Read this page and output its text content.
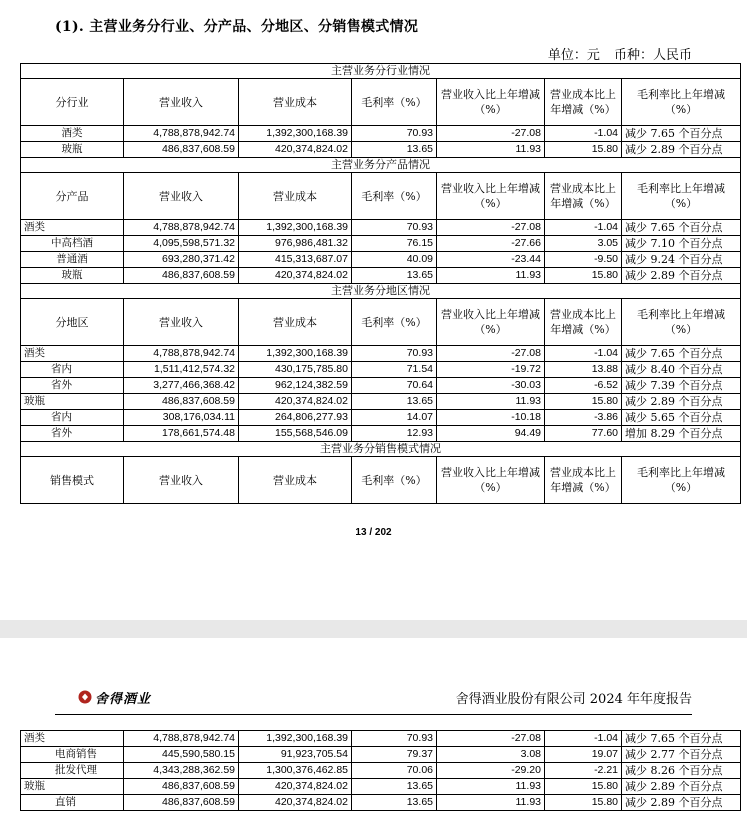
(1). 主营业务分行业、分产品、分地区、分销售模式情况
单位：元 币种：人民币
主营业务分行业情况						
分行业	营业收入	营业成本	毛利率（%）	营业收入比上年增减（%）	营业成本比上年增减（%）	毛利率比上年增减（%）
酒类	4,788,878,942.74	1,392,300,168.39	70.93	-27.08	-1.04	减少 7.65 个百分点
玻瓶	486,837,608.59	420,374,824.02	13.65	11.93	15.80	减少 2.89 个百分点
主营业务分产品情况						
分产品	营业收入	营业成本	毛利率（%）	营业收入比上年增减（%）	营业成本比上年增减（%）	毛利率比上年增减（%）
酒类	4,788,878,942.74	1,392,300,168.39	70.93	-27.08	-1.04	减少 7.65 个百分点
中高档酒	4,095,598,571.32	976,986,481.32	76.15	-27.66	3.05	减少 7.10 个百分点
普通酒	693,280,371.42	415,313,687.07	40.09	-23.44	-9.50	减少 9.24 个百分点
玻瓶	486,837,608.59	420,374,824.02	13.65	11.93	15.80	减少 2.89 个百分点
主营业务分地区情况						
分地区	营业收入	营业成本	毛利率（%）	营业收入比上年增减（%）	营业成本比上年增减（%）	毛利率比上年增减（%）
酒类	4,788,878,942.74	1,392,300,168.39	70.93	-27.08	-1.04	减少 7.65 个百分点
省内	1,511,412,574.32	430,175,785.80	71.54	-19.72	13.88	减少 8.40 个百分点
省外	3,277,466,368.42	962,124,382.59	70.64	-30.03	-6.52	减少 7.39 个百分点
玻瓶	486,837,608.59	420,374,824.02	13.65	11.93	15.80	减少 2.89 个百分点
省内	308,176,034.11	264,806,277.93	14.07	-10.18	-3.86	减少 5.65 个百分点
省外	178,661,574.48	155,568,546.09	12.93	94.49	77.60	增加 8.29 个百分点
主营业务分销售模式情况						
销售模式	营业收入	营业成本	毛利率（%）	营业收入比上年增减（%）	营业成本比上年增减（%）	毛利率比上年增减（%）
13 / 202
舍得酒业	舍得酒业股份有限公司 2024 年年度报告
酒类	4,788,878,942.74	1,392,300,168.39	70.93	-27.08	-1.04	减少 7.65 个百分点
电商销售	445,590,580.15	91,923,705.54	79.37	3.08	19.07	减少 2.77 个百分点
批发代理	4,343,288,362.59	1,300,376,462.85	70.06	-29.20	-2.21	减少 8.26 个百分点
玻瓶	486,837,608.59	420,374,824.02	13.65	11.93	15.80	减少 2.89 个百分点
直销	486,837,608.59	420,374,824.02	13.65	11.93	15.80	减少 2.89 个百分点
